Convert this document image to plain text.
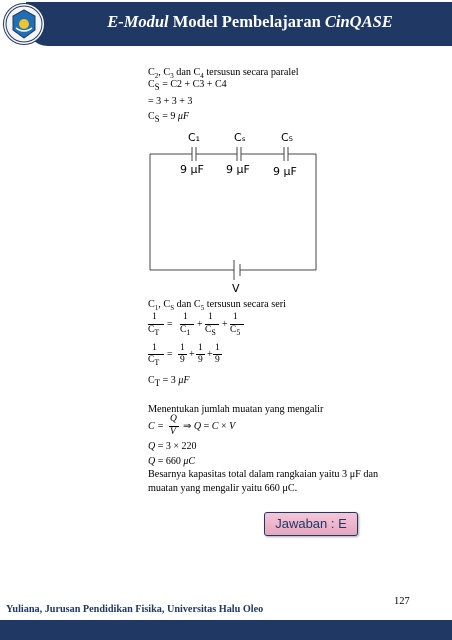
E-Modul Model Pembelajaran CinQASE
$C_2$, $C_3$ dan $C_4$ tersusun secara paralel
$C_S = C2 + C3 + C4$
= 3 + 3 + 3
$C_S = 9$ μF
C₁	Cₛ	C₅
9 μF 9 μF 9 μF
V
$C_1$, $C_S$ dan $C_5$ tersusun secara seri
1
$C_T$
=
1
$C_1$
+
1
$C_S$
+
1
$C_5$
1
$C_T$
=
1
9 +
1
9 +
1
9
$C_T = 3$ μF
Menentukan jumlah muatan yang mengalir
C =
Q
V ⇒ Q = C × V
Q = 3 × 220
Q = 660 μC
Besarnya kapasitas total dalam rangkaian yaitu 3 μF dan
muatan yang mengalir yaitu 660 μC.
Jawaban : E
127
Yuliana, Jurusan Pendidikan Fisika, Universitas Halu Oleo
